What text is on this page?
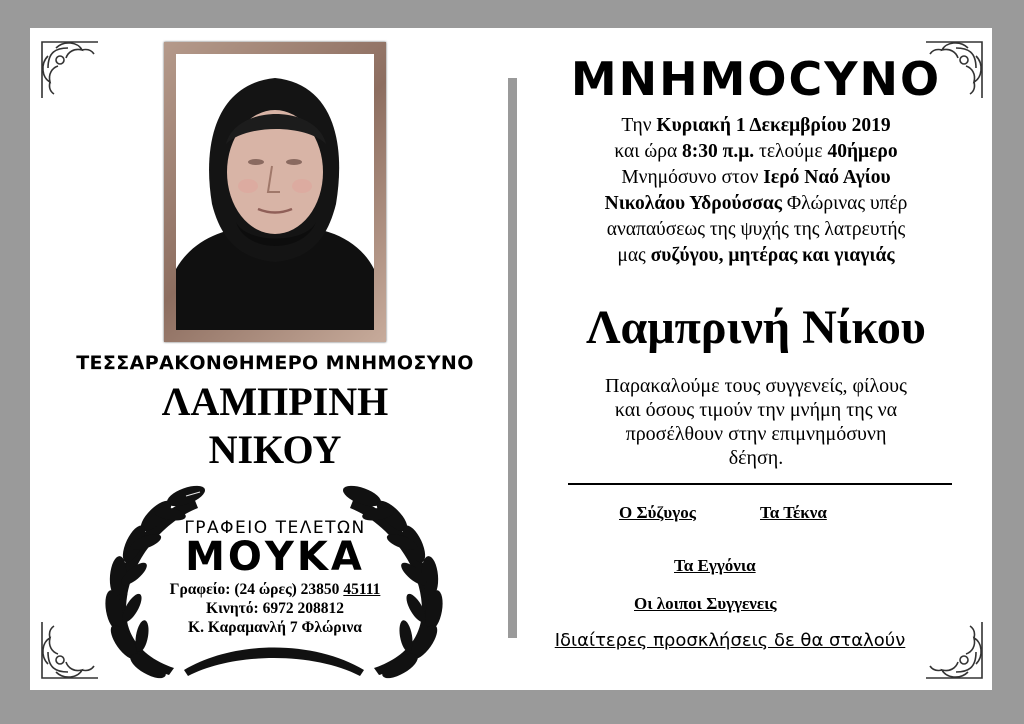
ΤΕΣΣΑΡΑΚΟΝΘΗΜΕΡΟ ΜΝΗΜΟΣΥΝΟ
ΛΑΜΠΡΙΝΗ
ΝΙΚΟΥ
ΓΡΑΦΕΙΟ ΤΕΛΕΤΩΝ
ΜΟΥΚΑ
Γραφείο: (24 ώρες) 23850 45111
Κινητό: 6972 208812
Κ. Καραμανλή 7 Φλώρινα
ΜΝΗΜΟCΥΝΟ
Την Κυριακή 1 Δεκεμβρίου 2019
και ώρα 8:30 π.μ. τελούμε 40ήμερο
Μνημόσυνο στον Ιερό Ναό Αγίου
Νικολάου Υδρούσσας Φλώρινας υπέρ
αναπαύσεως της ψυχής της λατρευτής
μας συζύγου, μητέρας και γιαγιάς
Λαμπρινή Νίκου
Παρακαλούμε τους συγγενείς, φίλους
και όσους τιμούν την μνήμη της να
προσέλθουν στην επιμνημόσυνη
δέηση.
Ο Σύζυγος	Τα Τέκνα
Τα Εγγόνια
Οι λοιποι Συγγενεις
Ιδιαίτερες προσκλήσεις δε θα σταλούν
